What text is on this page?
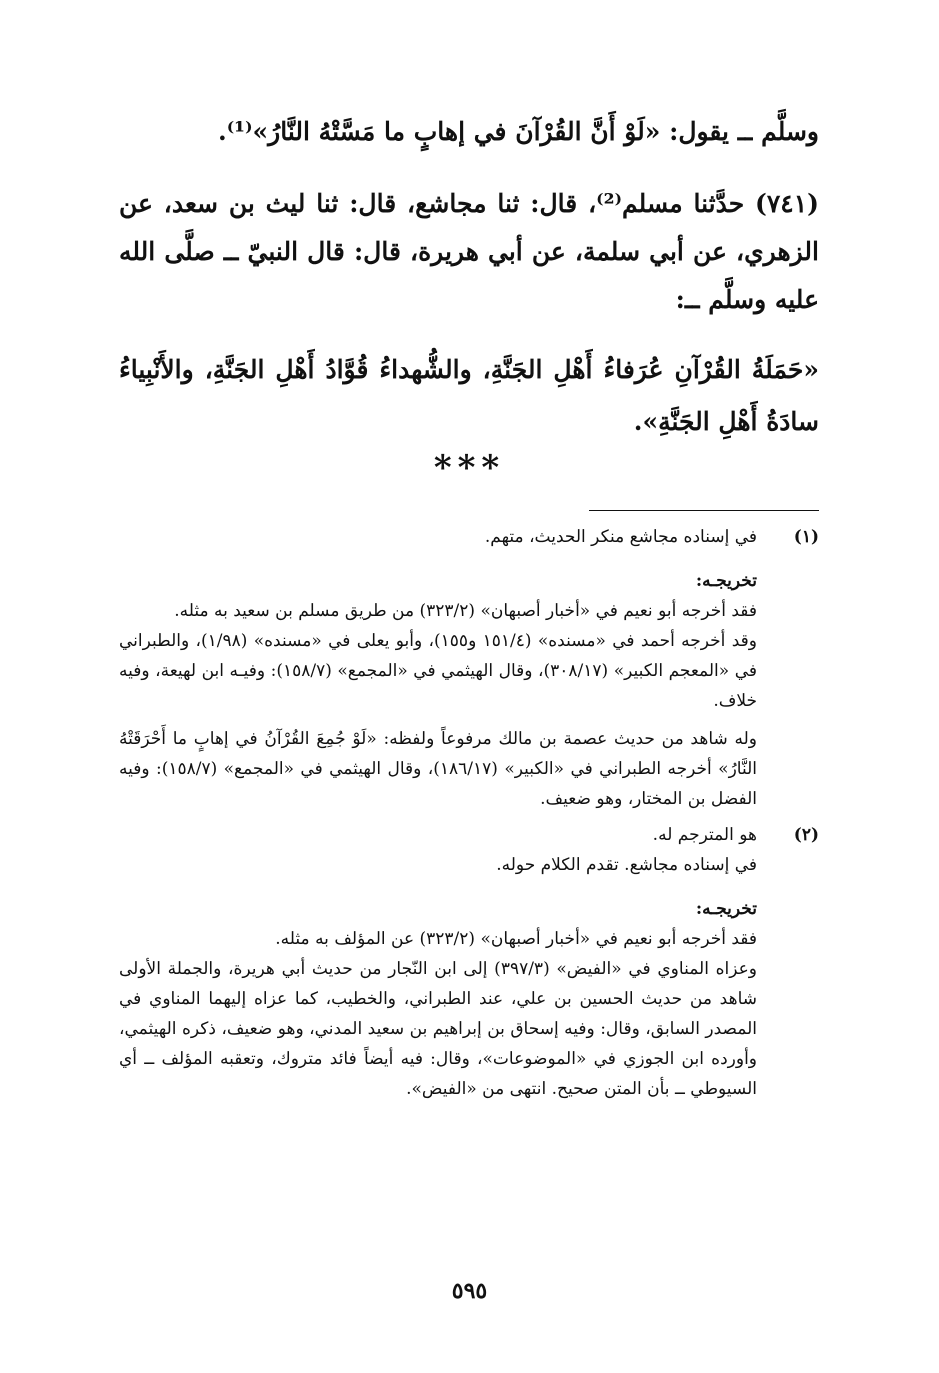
وسلَّم ــ يقول: «لَوْ أَنَّ القُرْآنَ في إهابٍ ما مَسَّتْهُ النَّارُ»⁽¹⁾.

(٧٤١) حدَّثنا مسلم⁽²⁾، قال: ثنا مجاشع، قال: ثنا ليث بن سعد، عن الزهري، عن أبي سلمة، عن أبي هريرة، قال: قال النبيّ ــ صلَّى الله عليه وسلَّم ــ:

«حَمَلَةُ القُرْآنِ عُرَفاءُ أَهْلِ الجَنَّةِ، والشُّهداءُ قُوَّادُ أَهْلِ الجَنَّةِ، والأَنْبِياءُ سادَةُ أَهْلِ الجَنَّةِ».

***
(١)

في إسناده مجاشع منكر الحديث، متهم.

تخريجـه:

فقد أخرجه أبو نعيم في «أخبار أصبهان» (٣٢٣/٢) من طريق مسلم بن سعيد به مثله.

وقد أخرجه أحمد في «مسنده» (١٥١/٤ و١٥٥)، وأبو يعلى في «مسنده» (١/٩٨)، والطبراني في «المعجم الكبير» (٣٠٨/١٧)، وقال الهيثمي في «المجمع» (١٥٨/٧): وفيـه ابن لهيعة، وفيه خلاف.

وله شاهد من حديث عصمة بن مالك مرفوعاً ولفظه: «لَوْ جُمِعَ القُرْآنُ في إهابٍ ما أَحْرَقَتْهُ النَّارُ» أخرجه الطبراني في «الكبير» (١٨٦/١٧)، وقال الهيثمي في «المجمع» (١٥٨/٧): وفيه الفضل بن المختار، وهو ضعيف.

(٢)

هو المترجم له.

في إسناده مجاشع. تقدم الكلام حوله.

تخريجـه:

فقد أخرجه أبو نعيم في «أخبار أصبهان» (٣٢٣/٢) عن المؤلف به مثله.

وعزاه المناوي في «الفيض» (٣٩٧/٣) إلى ابن النّجار من حديث أبي هريرة، والجملة الأولى شاهد من حديث الحسين بن علي، عند الطبراني، والخطيب، كما عزاه إليهما المناوي في المصدر السابق، وقال: وفيه إسحاق بن إبراهيم بن سعيد المدني، وهو ضعيف، ذكره الهيثمي، وأورده ابن الجوزي في «الموضوعات»، وقال: فيه أيضاً فائد متروك، وتعقبه المؤلف ــ أي السيوطي ــ بأن المتن صحيح. انتهى من «الفيض».

٥٩٥
